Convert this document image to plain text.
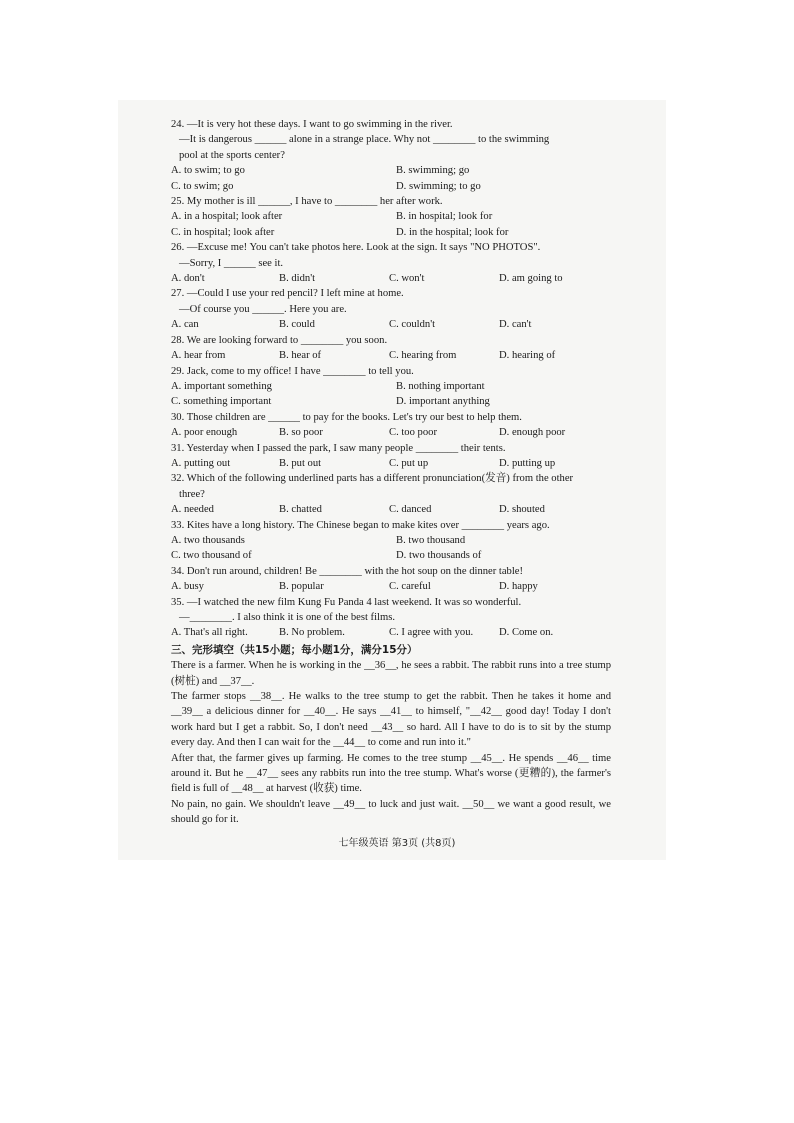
24. —It is very hot these days. I want to go swimming in the river.
—It is dangerous ______ alone in a strange place. Why not ________ to the swimming
pool at the sports center?
A. to swim; to go	B. swimming; go
C. to swim; go	D. swimming; to go
25. My mother is ill ______, I have to ________ her after work.
A. in a hospital; look after	B. in hospital; look for
C. in hospital; look after	D. in the hospital; look for
26. —Excuse me! You can't take photos here. Look at the sign. It says "NO PHOTOS".
—Sorry, I ______ see it.
A. don't	B. didn't	C. won't	D. am going to
27. —Could I use your red pencil? I left mine at home.
—Of course you ______. Here you are.
A. can	B. could	C. couldn't	D. can't
28. We are looking forward to ________ you soon.
A. hear from	B. hear of	C. hearing from	D. hearing of
29. Jack, come to my office! I have ________ to tell you.
A. important something	B. nothing important
C. something important	D. important anything
30. Those children are ______ to pay for the books. Let's try our best to help them.
A. poor enough	B. so poor	C. too poor	D. enough poor
31. Yesterday when I passed the park, I saw many people ________ their tents.
A. putting out	B. put out	C. put up	D. putting up
32. Which of the following underlined parts has a different pronunciation(发音) from the other
three?
A. needed	B. chatted	C. danced	D. shouted
33. Kites have a long history. The Chinese began to make kites over ________ years ago.
A. two thousands	B. two thousand
C. two thousand of	D. two thousands of
34. Don't run around, children! Be ________ with the hot soup on the dinner table!
A. busy	B. popular	C. careful	D. happy
35. —I watched the new film Kung Fu Panda 4 last weekend. It was so wonderful.
—________. I also think it is one of the best films.
A. That's all right.	B. No problem.	C. I agree with you.	D. Come on.
三、完形填空（共15小题；每小题1分，满分15分）

There is a farmer. When he is working in the __36__, he sees a rabbit. The rabbit runs into a tree stump (树桩) and __37__.

The farmer stops __38__. He walks to the tree stump to get the rabbit. Then he takes it home and __39__ a delicious dinner for __40__. He says __41__ to himself, "__42__ good day! Today I don't work hard but I get a rabbit. So, I don't need __43__ so hard. All I have to do is to sit by the stump every day. And then I can wait for the __44__ to come and run into it."

After that, the farmer gives up farming. He comes to the tree stump __45__. He spends __46__ time around it. But he __47__ sees any rabbits run into the tree stump. What's worse (更糟的), the farmer's field is full of __48__ at harvest (收获) time.

No pain, no gain. We shouldn't leave __49__ to luck and just wait. __50__ we want a good result, we should go for it.

七年级英语 第3页 (共8页)
